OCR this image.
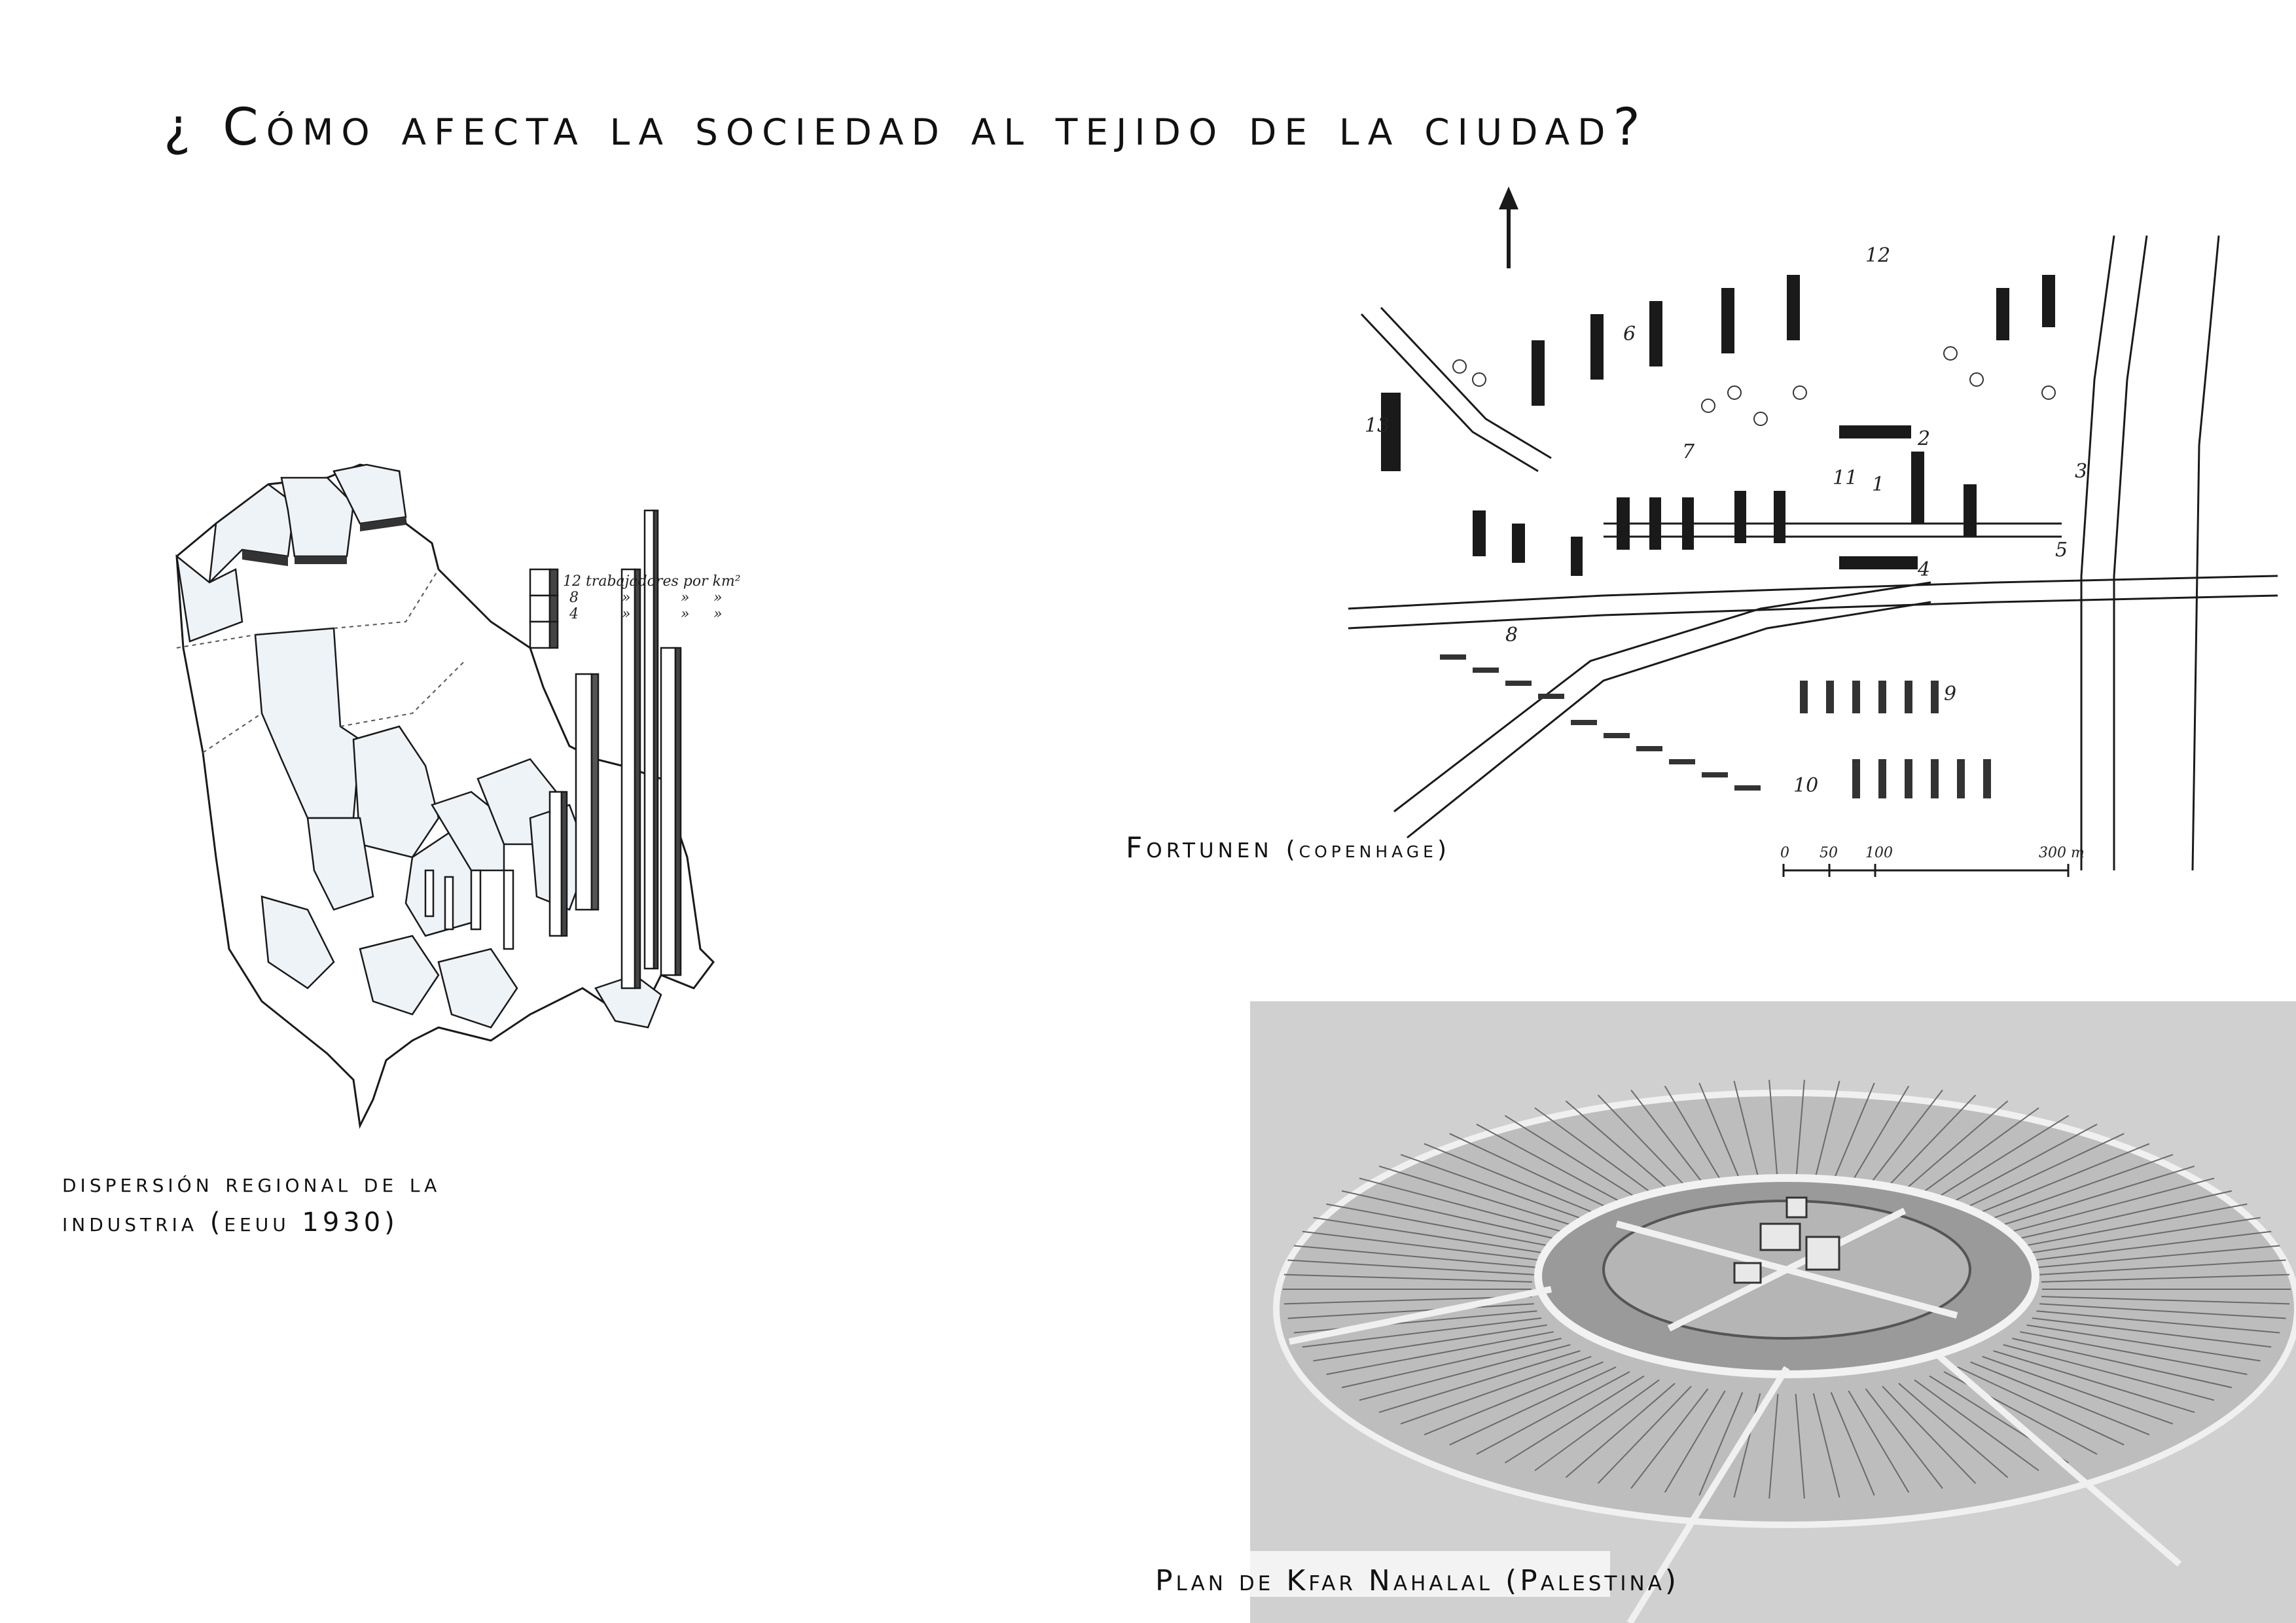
¿ Cómo afecta la sociedad al tejido de la ciudad?
12 trabajadores por km²
8
4
»	» »
»	» »
dispersión regional de la
industria (eeuu 1930)
1
2
3
4
5
6
7
8
9
10
11
12
13
0 50 100	300 m
Fortunen (copenhage)
Plan de Kfar Nahalal (Palestina)
